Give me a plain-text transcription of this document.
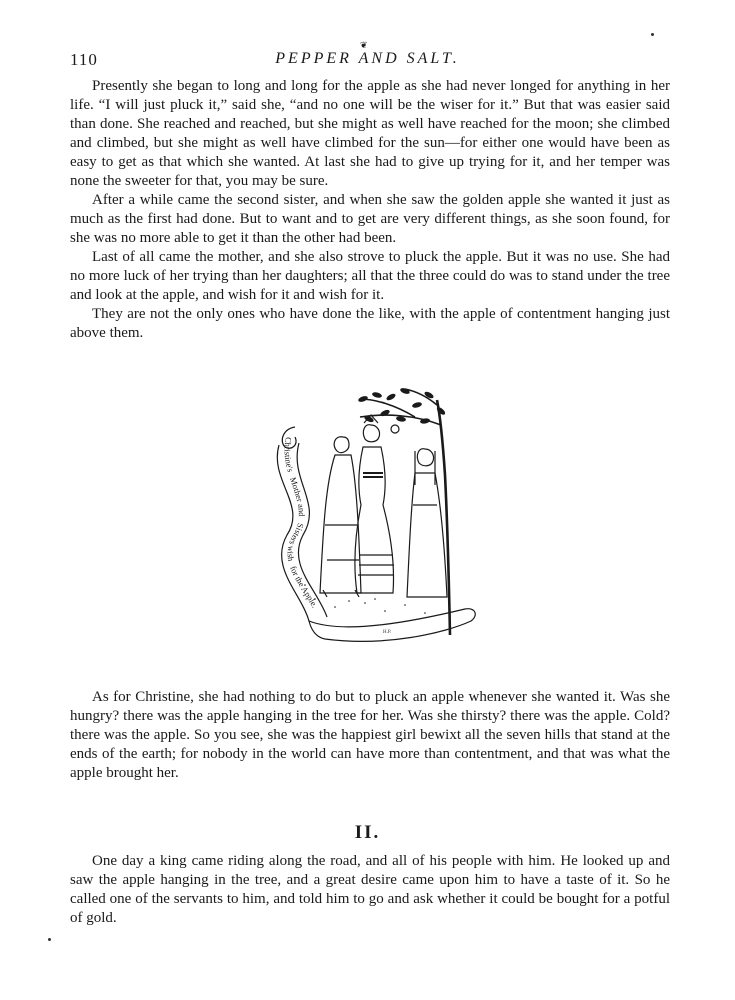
110
❦
PEPPER AND SALT.

Presently she began to long and long for the apple as she had never longed for anything in her life. “I will just pluck it,” said she, “and no one will be the wiser for it.” But that was easier said than done. She reached and reached, but she might as well have reached for the moon; she climbed and climbed, but she might as well have climbed for the sun—for either one would have been as easy to get as that which she wanted. At last she had to give up trying for it, and her temper was none the sweeter for that, you may be sure.

After a while came the second sister, and when she saw the golden apple she wanted it just as much as the first had done. But to want and to get are very different things, as she soon found, for she was no more able to get it than the other had been.

Last of all came the mother, and she also strove to pluck the apple. But it was no use. She had no more luck of her trying than her daughters; all that the three could do was to stand under the tree and look at the apple, and wish for it and wish for it.

They are not the only ones who have done the like, with the apple of contentment hanging just above them.

Christine's Mother and Sisters wish for the Apple.
H.P.

As for Christine, she had nothing to do but to pluck an apple whenever she wanted it. Was she hungry? there was the apple hanging in the tree for her. Was she thirsty? there was the apple. Cold? there was the apple. So you see, she was the happiest girl bewixt all the seven hills that stand at the ends of the earth; for nobody in the world can have more than contentment, and that was what the apple brought her.

II.

One day a king came riding along the road, and all of his people with him. He looked up and saw the apple hanging in the tree, and a great desire came upon him to have a taste of it. So he called one of the servants to him, and told him to go and ask whether it could be bought for a potful of gold.
